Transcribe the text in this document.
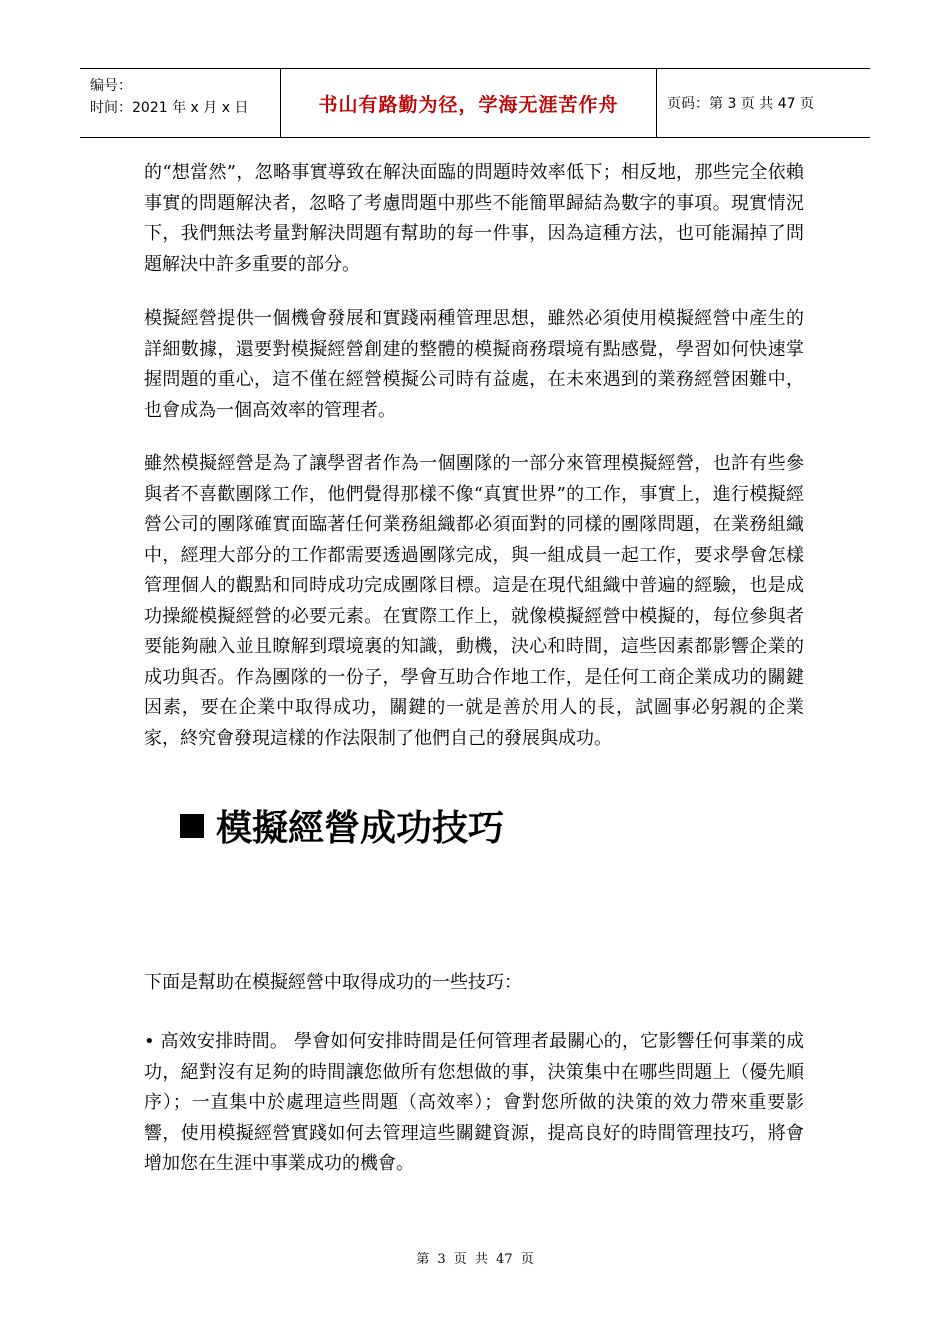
编号：
时间：2021 年 x 月 x 日	书山有路勤为径，学海无涯苦作舟	页码：第 3 页 共 47 页

的“想當然”，忽略事實導致在解決面臨的問題時效率低下；相反地，那些完全依賴事實的問題解決者，忽略了考慮問題中那些不能簡單歸結為數字的事項。現實情況下，我們無法考量對解決問題有幫助的每一件事，因為這種方法，也可能漏掉了問題解決中許多重要的部分。

模擬經營提供一個機會發展和實踐兩種管理思想，雖然必須使用模擬經營中產生的詳細數據，還要對模擬經營創建的整體的模擬商務環境有點感覺，學習如何快速掌握問題的重心，這不僅在經營模擬公司時有益處，在未來遇到的業務經營困難中，也會成為一個高效率的管理者。

雖然模擬經營是為了讓學習者作為一個團隊的一部分來管理模擬經營，也許有些參與者不喜歡團隊工作，他們覺得那樣不像“真實世界”的工作，事實上，進行模擬經營公司的團隊確實面臨著任何業務組織都必須面對的同樣的團隊問題，在業務組織中，經理大部分的工作都需要透過團隊完成，與一組成員一起工作，要求學會怎樣管理個人的觀點和同時成功完成團隊目標。這是在現代組織中普遍的經驗，也是成功操縱模擬經營的必要元素。在實際工作上，就像模擬經營中模擬的，每位參與者要能夠融入並且瞭解到環境裏的知識，動機，決心和時間，這些因素都影響企業的成功與否。作為團隊的一份子，學會互助合作地工作，是任何工商企業成功的關鍵因素，要在企業中取得成功，關鍵的一就是善於用人的長，試圖事必躬親的企業家，終究會發現這樣的作法限制了他們自己的發展與成功。

模擬經營成功技巧

下面是幫助在模擬經營中取得成功的一些技巧：

• 高效安排時間。 學會如何安排時間是任何管理者最關心的，它影響任何事業的成功，絕對沒有足夠的時間讓您做所有您想做的事，決策集中在哪些問題上（優先順序）；一直集中於處理這些問題（高效率）；會對您所做的決策的效力帶來重要影響，使用模擬經營實踐如何去管理這些關鍵資源，提高良好的時間管理技巧，將會增加您在生涯中事業成功的機會。

第 3 页 共 47 页
